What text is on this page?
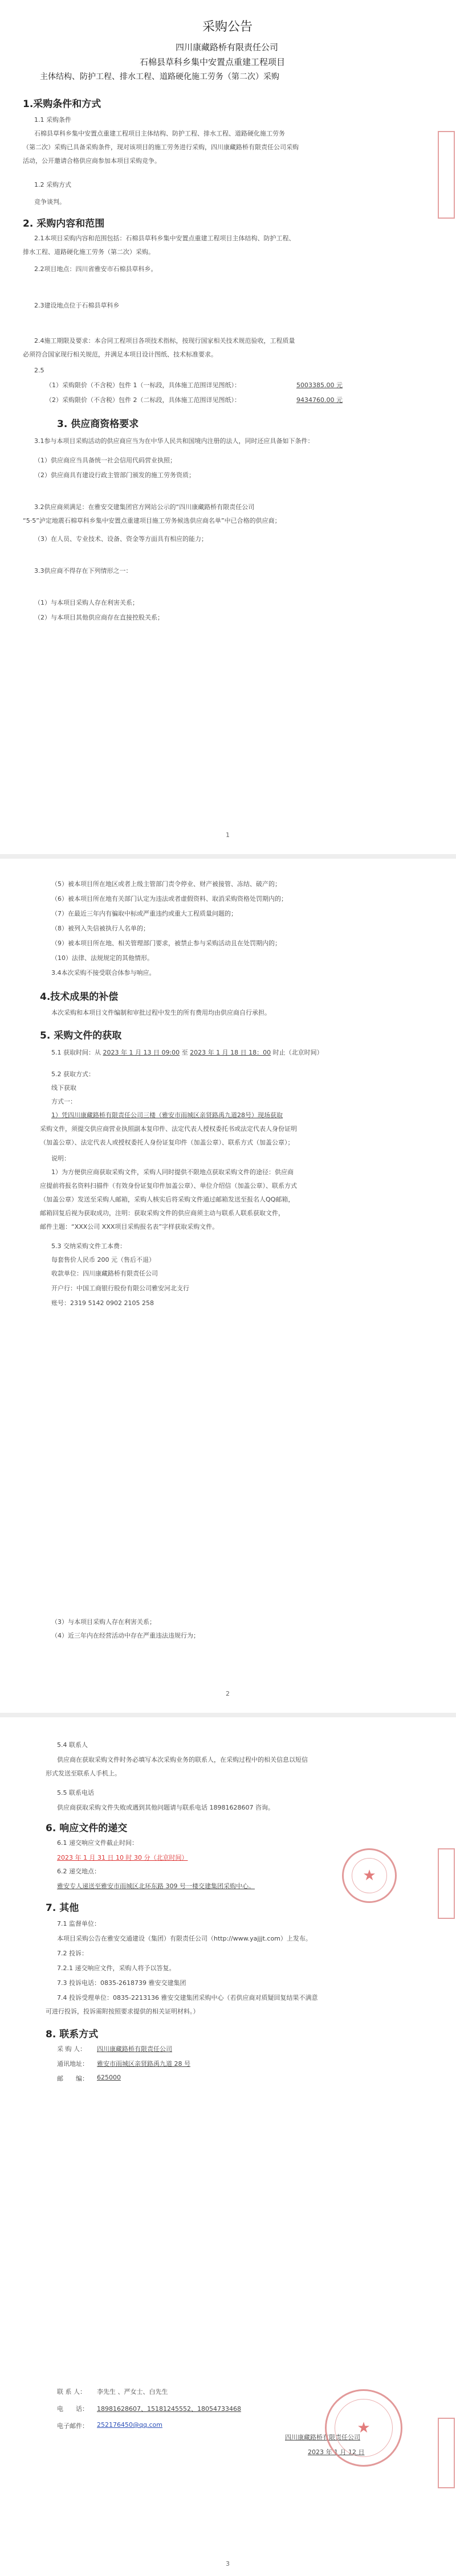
采购公告
四川康藏路桥有限责任公司
石棉县草科乡集中安置点重建工程项目
主体结构、防护工程、排水工程、道路硬化施工劳务（第二次）采购
1.采购条件和方式
1.1 采购条件
石棉县草科乡集中安置点重建工程项目主体结构、防护工程、排水工程、道路硬化施工劳务
（第二次）采购已具备采购条件，现对该项目的施工劳务进行采购，四川康藏路桥有限责任公司采购
活动，公开邀请合格供应商参加本项目采购竞争。
1.2 采购方式
竞争谈判。
2. 采购内容和范围
2.1本项目采购内容和范围包括：石棉县草科乡集中安置点重建工程项目主体结构、防护工程、
排水工程、道路硬化施工劳务（第二次）采购。
2.2项目地点：四川省雅安市石棉县草科乡。
2.3建设地点位于石棉县草科乡
2.4施工期限及要求：本合同工程项目各项技术指标，按现行国家相关技术规范验收，工程质量
必须符合国家现行相关规范，并满足本项目设计图纸、技术标准要求。
2.5
（1）采购限价（不含税）包件 1（一标段，具体施工范围详见图纸）：	5003385.00 元
（2）采购限价（不含税）包件 2（二标段，具体施工范围详见图纸）：	9434760.00 元
3. 供应商资格要求
3.1参与本项目采购活动的供应商应当为在中华人民共和国境内注册的法人，同时还应具备如下条件：
（1）供应商应当具备统一社会信用代码营业执照；
（2）供应商具有建设行政主管部门颁发的施工劳务资质；
3.2供应商须满足：在雅安交建集团官方网站公示的“四川康藏路桥有限责任公司
“5·5”泸定地震石棉草科乡集中安置点重建项目施工劳务候选供应商名单”中已合格的供应商；
（3）在人员、专业技术、设备、资金等方面具有相应的能力；
3.3供应商不得存在下列情形之一：
（1）与本项目采购人存在利害关系；
（2）与本项目其他供应商存在直接控股关系；
1
（3）与本项目采购人存在利害关系；
（4）近三年内在经营活动中存在严重违法违规行为；
（5）被本项目所在地区或者上级主管部门责令停业、财产被接管、冻结、破产的；
（6）被本项目所在地有关部门认定为违法或者虚假资料、取消采购资格处罚期内的；
（7）在最近三年内有骗取中标或严重违约或重大工程质量问题的；
（8）被列入失信被执行人名单的；
（9）被本项目所在地、相关管理部门要求，被禁止参与采购活动且在处罚期内的；
（10）法律、法规规定的其他情形。
3.4本次采购不接受联合体参与响应。
4.技术成果的补偿
本次采购和本项目文件编制和审批过程中发生的所有费用均由供应商自行承担。
5. 采购文件的获取
5.1 获取时间：从 2023 年 1 月 13 日 09:00 至 2023 年 1 月 18 日 18：00 时止（北京时间）
5.2 获取方式：
线下获取
方式一：
1）凭四川康藏路桥有限责任公司三楼（雅安市雨城区亲贤路禹九道28号）现场获取
采购文件，须提交供应商营业执照副本复印件、法定代表人授权委托书或法定代表人身份证明
（加盖公章）、法定代表人或授权委托人身份证复印件（加盖公章）、联系方式（加盖公章）；
说明：
1）为方便供应商获取采购文件，采购人同时提供不限地点获取采购文件的途径：供应商
应提前将报名资料扫描件（有效身份证复印件加盖公章）、单位介绍信（加盖公章）、联系方式
（加盖公章）发送至采购人邮箱，采购人核实后将采购文件通过邮箱发送至报名人QQ邮箱，
邮箱回复后视为获取成功，注明：获取采购文件的供应商须主动与联系人联系获取文件，
邮件主题：“XXX公司 XXX项目采购报名表”字样获取采购文件。
5.3 交纳采购文件工本费：
每套售价人民币 200 元（售后不退）
收款单位：四川康藏路桥有限责任公司
开户行：中国工商银行股份有限公司雅安河北支行
账号：2319 5142 0902 2105 258
2
5.4 联系人
供应商在获取采购文件时务必填写本次采购业务的联系人，在采购过程中的相关信息以短信
形式发送至联系人手机上。
5.5 联系电话
供应商获取采购文件失败或遇到其他问题请与联系电话 18981628607 咨询。
6. 响应文件的递交
6.1 递交响应文件截止时间：
2023 年 1 月 31 日 10 时 30 分（北京时间）
6.2 递交地点：
雅安专人递送至雅安市雨城区北环东路 309 号一楼交建集团采购中心。
7. 其他
7.1 监督单位：
本项目采购公告在雅安交通建设（集团）有限责任公司（http://www.yajjjt.com）上发布。
7.2 投诉：
7.2.1 递交响应文件，采购人将予以答复。
7.3 投诉电话：0835-2618739 雅安交建集团
7.4 投诉受理单位：0835-2213136 雅安交建集团采购中心（若供应商对质疑回复结果不满意
可进行投诉，投诉需附按照要求提供的相关证明材料。）
8. 联系方式
采 购 人： 四川康藏路桥有限责任公司
通讯地址： 雅安市雨城区亲贤路禹九道 28 号
邮　　编： 625000
联 系 人： 李先生 、严女士、白先生
电　　话： 18981628607、15181245552、18054733468
电子邮件： 252176450@qq.com
四川康藏路桥有限责任公司
2023 年 1 月 12 日
★
★
3
